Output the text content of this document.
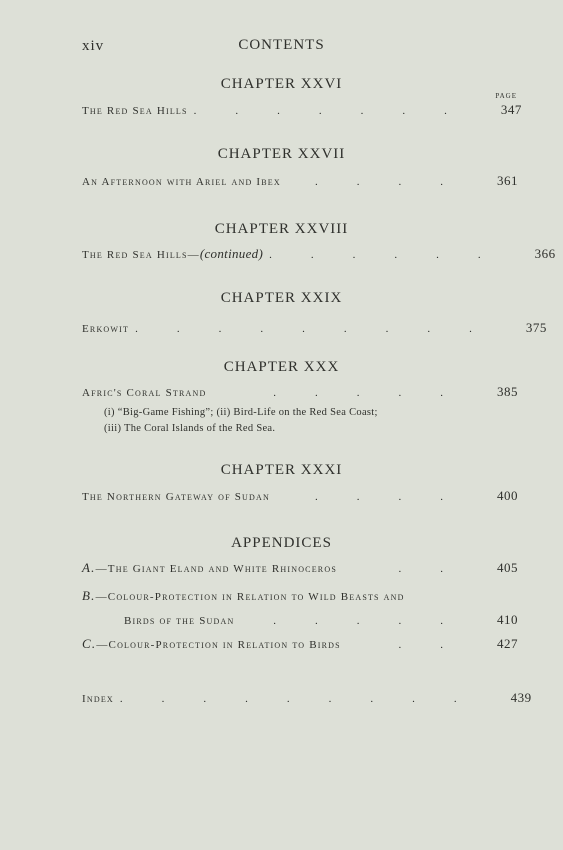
xiv	CONTENTS
CHAPTER XXVI
PAGE
The Red Sea Hills .......	347
CHAPTER XXVII
An Afternoon with Ariel and Ibex	....	361
CHAPTER XXVIII
The Red Sea Hills—(continued) ......	366
CHAPTER XXIX
Erkowit .........	375
CHAPTER XXX
Afric's Coral Strand	.....	385
(i) “Big-Game Fishing”; (ii) Bird-Life on the Red Sea Coast;
(iii) The Coral Islands of the Red Sea.
CHAPTER XXXI
The Northern Gateway of Sudan	....	400
APPENDICES
A.—The Giant Eland and White Rhinoceros	..	405
B.—Colour-Protection in Relation to Wild Beasts and
Birds of the Sudan	.....	410
C.—Colour-Protection in Relation to Birds	..	427
Index .........	439
